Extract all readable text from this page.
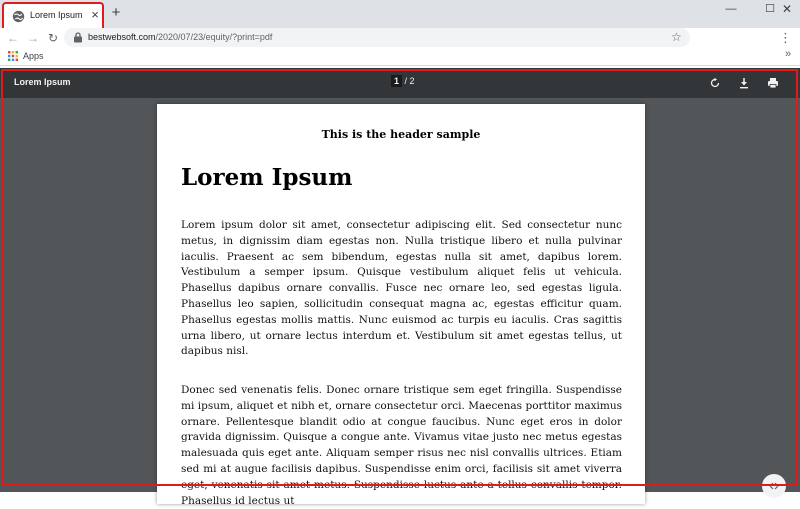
Lorem Ipsum × +	—	☐ ✕
← → ↻	bestwebsoft.com/2020/07/23/equity/?print=pdf	☆	⋮
Apps	»
Lorem Ipsum	1 / 2
This is the header sample
Lorem Ipsum

Lorem ipsum dolor sit amet, consectetur adipiscing elit. Sed consectetur nunc metus, in dignissim diam egestas non. Nulla tristique libero et nulla pulvinar iaculis. Praesent ac sem bibendum, egestas nulla sit amet, dapibus lorem. Vestibulum a semper ipsum. Quisque vestibulum aliquet felis ut vehicula. Phasellus dapibus ornare convallis. Fusce nec ornare leo, sed egestas ligula. Phasellus leo sapien, sollicitudin consequat magna ac, egestas efficitur quam. Phasellus egestas mollis mattis. Nunc euismod ac turpis eu iaculis. Cras sagittis urna libero, ut ornare lectus interdum et. Vestibulum sit amet egestas tellus, ut dapibus nisl.

Donec sed venenatis felis. Donec ornare tristique sem eget fringilla. Suspendisse mi ipsum, aliquet et nibh et, ornare consectetur orci. Maecenas porttitor maximus ornare. Pellentesque blandit odio at congue faucibus. Nunc eget eros in dolor gravida dignissim. Quisque a congue ante. Vivamus vitae justo nec metus egestas malesuada quis eget ante. Aliquam semper risus nec nisl convallis ultrices. Etiam sed mi at augue facilisis dapibus. Suspendisse enim orci, facilisis sit amet viverra eget, venenatis sit amet metus. Suspendisse luctus ante a tellus convallis tempor. Phasellus id lectus ut
